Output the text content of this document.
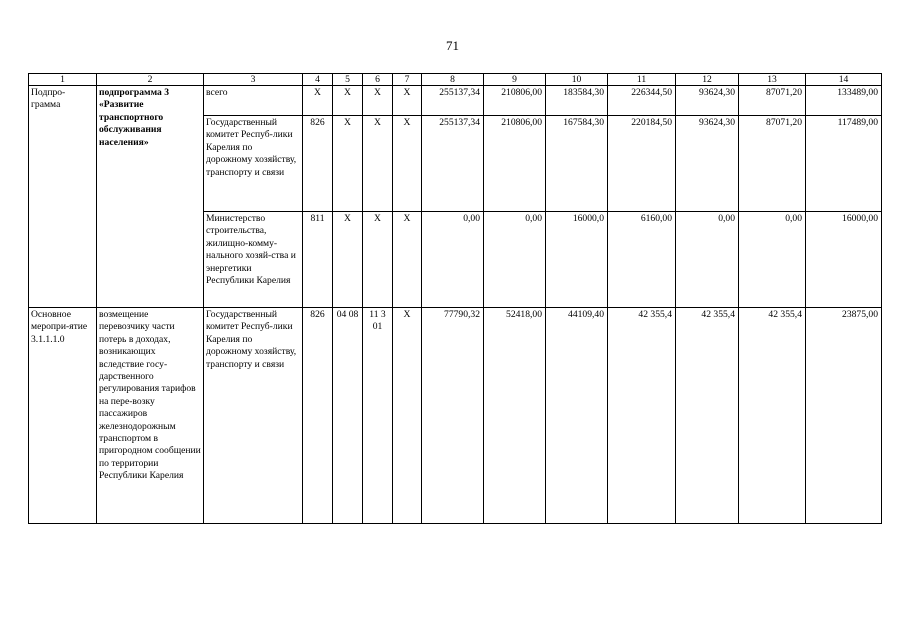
71
1	2	3	4	5	6	7	8	9	10	11	12	13	14
Подпро-
грамма	подпрограмма 3 «Развитие транспортного обслуживания населения»	всего	Х	Х	Х	Х	255137,34	210806,00	183584,30	226344,50	93624,30	87071,20	133489,00
		Государственный комитет Респуб-лики Карелия по дорожному хозяйству, транспорту и связи	826	Х	Х	Х	255137,34	210806,00	167584,30	220184,50	93624,30	87071,20	117489,00
		Министерство строительства, жилищно-комму-нального хозяй-ства и энергетики Республики Карелия	811	Х	Х	Х	0,00	0,00	16000,0	6160,00	0,00	0,00	16000,00
Основное меропри-ятие 3.1.1.1.0	возмещение перевозчику части потерь в доходах, возникающих вследствие госу-дарственного регулирования тарифов на пере-возку пассажиров железнодорожным транспортом в пригородном сообщении по территории Республики Карелия	Государственный комитет Респуб-лики Карелия по дорожному хозяйству, транспорту и связи	826	04 08	11 3 01	Х	77790,32	52418,00	44109,40	42 355,4	42 355,4	42 355,4	23875,00
